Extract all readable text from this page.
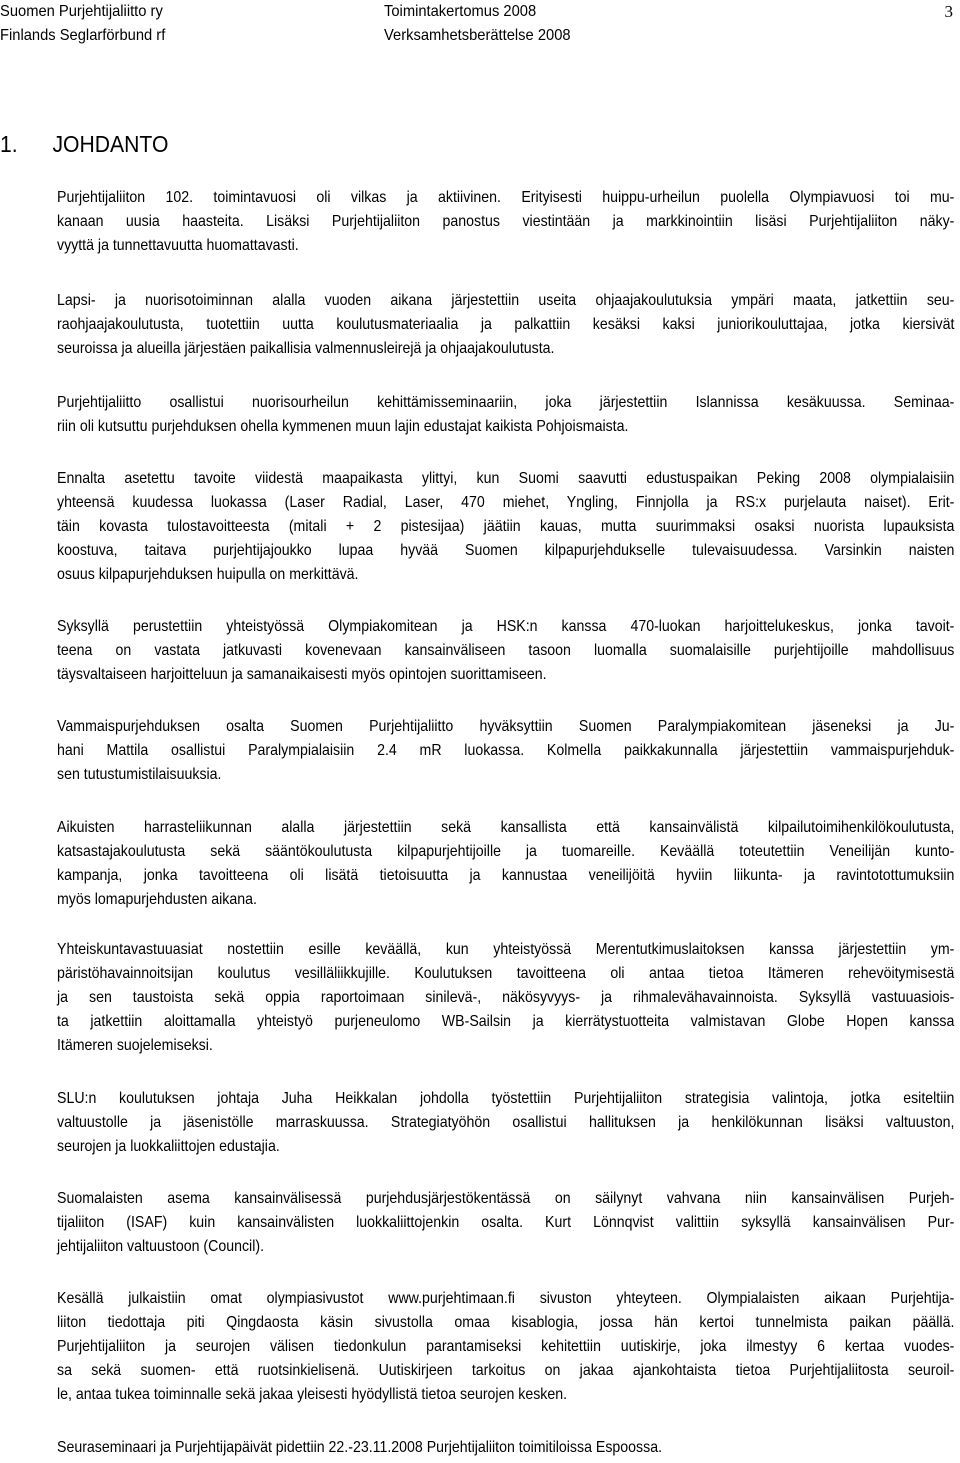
Suomen Purjehtijaliitto ry
Finlands Seglarförbund rf
Toimintakertomus 2008
Verksamhetsberättelse 2008
3
1. JOHDANTO
Purjehtijaliiton 102. toimintavuosi oli vilkas ja aktiivinen. Erityisesti huippu-urheilun puolella Olympiavuosi toi mu-
kanaan uusia haasteita. Lisäksi Purjehtijaliiton panostus viestintään ja markkinointiin lisäsi Purjehtijaliiton näky-
vyyttä ja tunnettavuutta huomattavasti.
Lapsi- ja nuorisotoiminnan alalla vuoden aikana järjestettiin useita ohjaajakoulutuksia ympäri maata, jatkettiin seu-
raohjaajakoulutusta, tuotettiin uutta koulutusmateriaalia ja palkattiin kesäksi kaksi juniorikouluttajaa, jotka kiersivät
seuroissa ja alueilla järjestäen paikallisia valmennusleirejä ja ohjaajakoulutusta.
Purjehtijaliitto osallistui nuorisourheilun kehittämisseminaariin, joka järjestettiin Islannissa kesäkuussa. Seminaa-
riin oli kutsuttu purjehduksen ohella kymmenen muun lajin edustajat kaikista Pohjoismaista.
Ennalta asetettu tavoite viidestä maapaikasta ylittyi, kun Suomi saavutti edustuspaikan Peking 2008 olympialaisiin
yhteensä kuudessa luokassa (Laser Radial, Laser, 470 miehet, Yngling, Finnjolla ja RS:x purjelauta naiset). Erit-
täin kovasta tulostavoitteesta (mitali + 2 pistesijaa) jäätiin kauas, mutta suurimmaksi osaksi nuorista lupauksista
koostuva, taitava purjehtijajoukko lupaa hyvää Suomen kilpapurjehdukselle tulevaisuudessa. Varsinkin naisten
osuus kilpapurjehduksen huipulla on merkittävä.
Syksyllä perustettiin yhteistyössä Olympiakomitean ja HSK:n kanssa 470-luokan harjoittelukeskus, jonka tavoit-
teena on vastata jatkuvasti kovenevaan kansainväliseen tasoon luomalla suomalaisille purjehtijoille mahdollisuus
täysvaltaiseen harjoitteluun ja samanaikaisesti myös opintojen suorittamiseen.
Vammaispurjehduksen osalta Suomen Purjehtijaliitto hyväksyttiin Suomen Paralympiakomitean jäseneksi ja Ju-
hani Mattila osallistui Paralympialaisiin 2.4 mR luokassa. Kolmella paikkakunnalla järjestettiin vammaispurjehduk-
sen tutustumistilaisuuksia.
Aikuisten harrasteliikunnan alalla järjestettiin sekä kansallista että kansainvälistä kilpailutoimihenkilökoulutusta,
katsastajakoulutusta sekä sääntökoulutusta kilpapurjehtijoille ja tuomareille. Keväällä toteutettiin Veneilijän kunto-
kampanja, jonka tavoitteena oli lisätä tietoisuutta ja kannustaa veneilijöitä hyviin liikunta- ja ravintotottumuksiin
myös lomapurjehdusten aikana.
Yhteiskuntavastuuasiat nostettiin esille keväällä, kun yhteistyössä Merentutkimuslaitoksen kanssa järjestettiin ym-
päristöhavainnoitsijan koulutus vesilläliikkujille. Koulutuksen tavoitteena oli antaa tietoa Itämeren rehevöitymisestä
ja sen taustoista sekä oppia raportoimaan sinilevä-, näkösyvyys- ja rihmalevähavainnoista. Syksyllä vastuuasiois-
ta jatkettiin aloittamalla yhteistyö purjeneulomo WB-Sailsin ja kierrätystuotteita valmistavan Globe Hopen kanssa
Itämeren suojelemiseksi.
SLU:n koulutuksen johtaja Juha Heikkalan johdolla työstettiin Purjehtijaliiton strategisia valintoja, jotka esiteltiin
valtuustolle ja jäsenistölle marraskuussa. Strategiatyöhön osallistui hallituksen ja henkilökunnan lisäksi valtuuston,
seurojen ja luokkaliittojen edustajia.
Suomalaisten asema kansainvälisessä purjehdusjärjestökentässä on säilynyt vahvana niin kansainvälisen Purjeh-
tijaliiton (ISAF) kuin kansainvälisten luokkaliittojenkin osalta. Kurt Lönnqvist valittiin syksyllä kansainvälisen Pur-
jehtijaliiton valtuustoon (Council).
Kesällä julkaistiin omat olympiasivustot www.purjehtimaan.fi sivuston yhteyteen. Olympialaisten aikaan Purjehtija-
liiton tiedottaja piti Qingdaosta käsin sivustolla omaa kisablogia, jossa hän kertoi tunnelmista paikan päällä.
Purjehtijaliiton ja seurojen välisen tiedonkulun parantamiseksi kehitettiin uutiskirje, joka ilmestyy 6 kertaa vuodes-
sa sekä suomen- että ruotsinkielisenä. Uutiskirjeen tarkoitus on jakaa ajankohtaista tietoa Purjehtijaliitosta seuroil-
le, antaa tukea toiminnalle sekä jakaa yleisesti hyödyllistä tietoa seurojen kesken.
Seuraseminaari ja Purjehtijapäivät pidettiin 22.-23.11.2008 Purjehtijaliiton toimitiloissa Espoossa.
